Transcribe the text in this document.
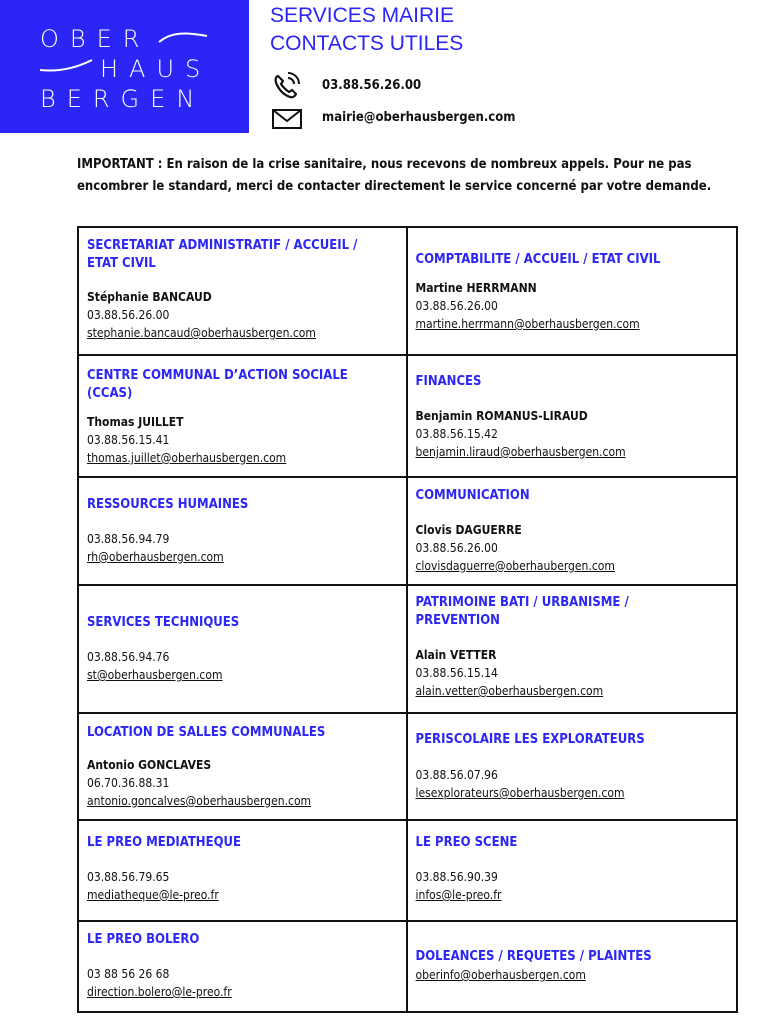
OBER
HAUS
BERGEN
SERVICES MAIRIE
CONTACTS UTILES
03.88.56.26.00
mairie@oberhausbergen.com
IMPORTANT : En raison de la crise sanitaire, nous recevons de nombreux appels. Pour ne pas encombrer le standard, merci de contacter directement le service concerné par votre demande.
SECRETARIAT ADMINISTRATIF / ACCUEIL / ETAT CIVIL
Stéphanie BANCAUD
03.88.56.26.00
stephanie.bancaud@oberhausbergen.com
COMPTABILITE / ACCUEIL / ETAT CIVIL
Martine HERRMANN
03.88.56.26.00
martine.herrmann@oberhausbergen.com
CENTRE COMMUNAL D’ACTION SOCIALE (CCAS)
Thomas JUILLET
03.88.56.15.41
thomas.juillet@oberhausbergen.com
FINANCES
Benjamin ROMANUS-LIRAUD
03.88.56.15.42
benjamin.liraud@oberhausbergen.com
RESSOURCES HUMAINES
03.88.56.94.79
rh@oberhausbergen.com
COMMUNICATION
Clovis DAGUERRE
03.88.56.26.00
clovisdaguerre@oberhaubergen.com
SERVICES TECHNIQUES
03.88.56.94.76
st@oberhausbergen.com
PATRIMOINE BATI / URBANISME / PREVENTION
Alain VETTER
03.88.56.15.14
alain.vetter@oberhausbergen.com
LOCATION DE SALLES COMMUNALES
Antonio GONCLAVES
06.70.36.88.31
antonio.goncalves@oberhausbergen.com
PERISCOLAIRE LES EXPLORATEURS
03.88.56.07.96
lesexplorateurs@oberhausbergen.com
LE PREO MEDIATHEQUE
03.88.56.79.65
mediatheque@le-preo.fr
LE PREO SCENE
03.88.56.90.39
infos@le-preo.fr
LE PREO BOLERO
03 88 56 26 68
direction.bolero@le-preo.fr
DOLEANCES / REQUETES / PLAINTES
oberinfo@oberhausbergen.com
